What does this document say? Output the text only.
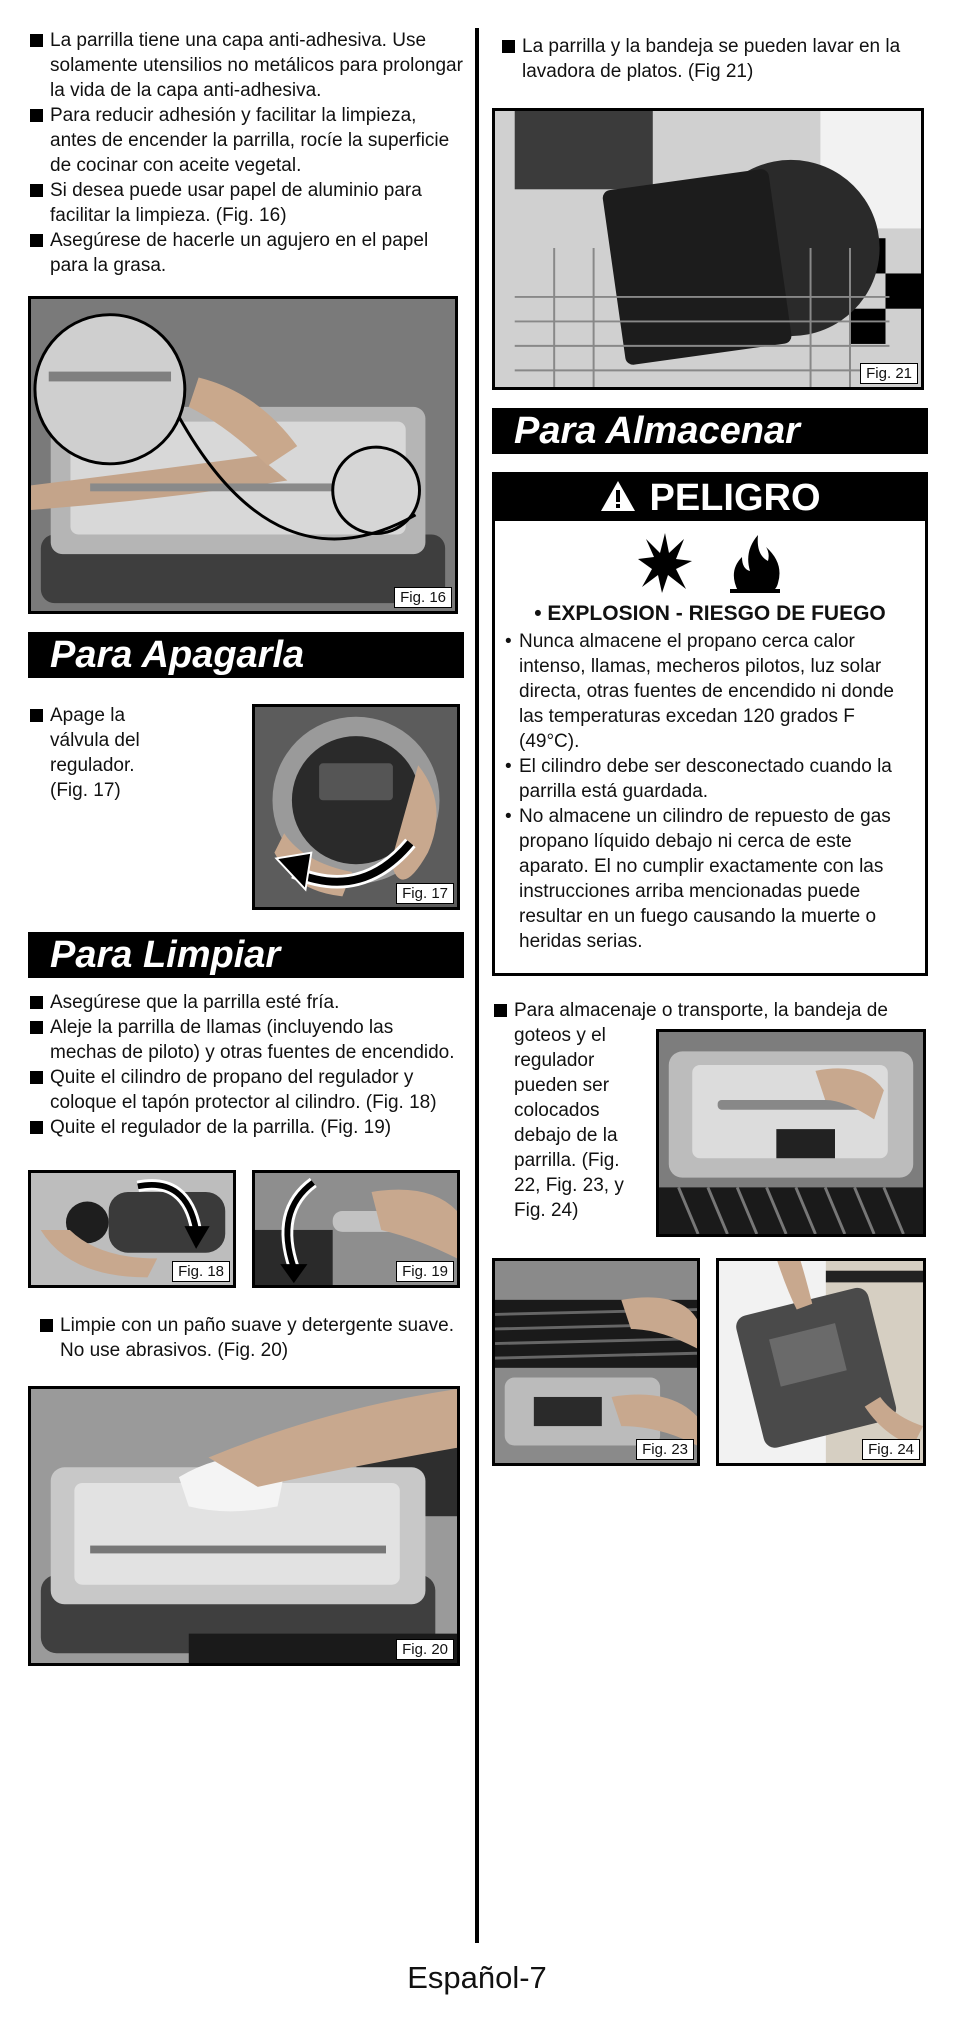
La parrilla tiene una capa anti-adhesiva. Use solamente utensilios no metálicos para prolongar la vida de la capa anti-adhesiva.
Para reducir adhesión y facilitar la limpieza, antes de encender la parrilla, rocíe la superficie de cocinar con aceite vegetal.
Si desea puede usar papel de aluminio para facilitar la limpieza. (Fig. 16)
Asegúrese de hacerle un agujero en el papel para la grasa.
Fig. 16
Para Apagarla
Apage la válvula del regulador. (Fig. 17)
Fig. 17
Para Limpiar
Asegúrese que la parrilla esté fría.
Aleje la parrilla de llamas (incluyendo las mechas de piloto) y otras fuentes de encendido.
Quite el cilindro de propano del regulador y coloque el tapón protector al cilindro. (Fig. 18)
Quite el regulador de la parrilla. (Fig. 19)
Fig. 18	Fig. 19
Limpie con un paño suave y detergente suave. No use abrasivos. (Fig. 20)
Fig. 20
La parrilla y la bandeja se pueden lavar en la lavadora de platos. (Fig 21)
Fig. 21
Para Almacenar
PELIGRO

• EXPLOSION - RIESGO DE FUEGO
• Nunca almacene el propano cerca calor intenso, llamas, mecheros pilotos, luz solar directa, otras fuentes de encendido ni donde las temperaturas excedan 120 grados F (49°C).
• El cilindro debe ser desconectado cuando la parrilla está guardada.
• No almacene un cilindro de repuesto de gas propano líquido debajo ni cerca de este aparato. El no cumplir exactamente con las instrucciones arriba mencionadas puede resultar en un fuego causando la muerte o heridas serias.
Para almacenaje o transporte, la bandeja de
goteos y el regulador pueden ser colocados debajo de la parrilla. (Fig. 22, Fig. 23, y Fig. 24)
Fig. 23	Fig. 24
Español-7
